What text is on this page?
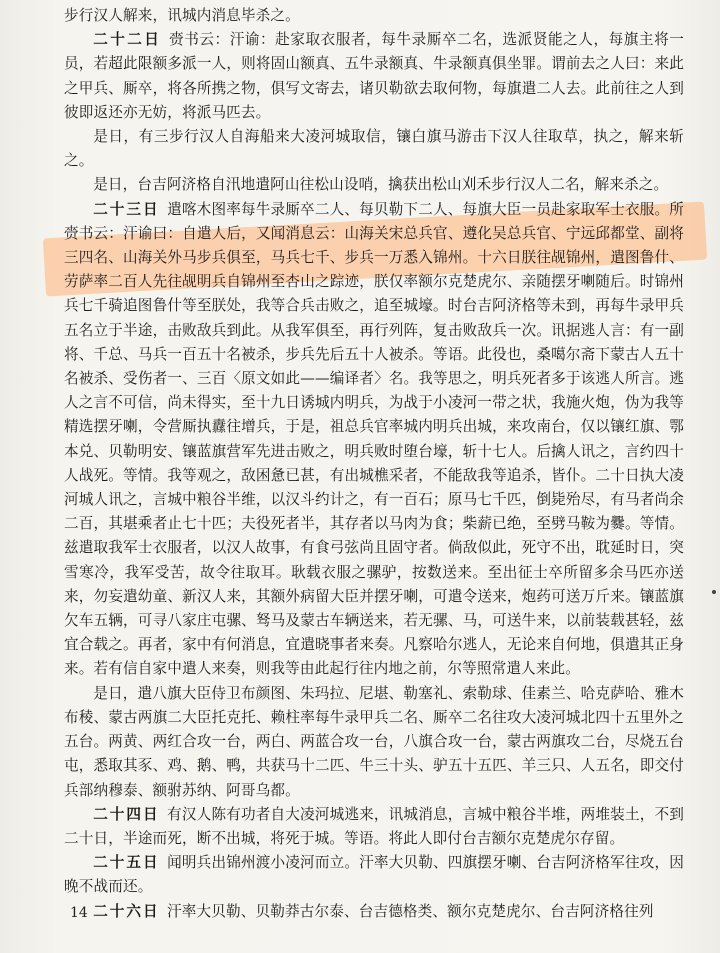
步行汉人解来，讯城内消息毕杀之。

二十二日  赍书云：汗谕：赴家取衣服者，每牛录厮卒二名，选派贤能之人，每旗主将一员，若超此限额多派一人，则将固山额真、五牛录额真、牛录额真俱坐罪。谓前去之人曰：来此之甲兵、厮卒，将各所携之物，俱写文寄去，诸贝勒欲去取何物，每旗遣二人去。此前往之人到彼即返还亦无妨，将派马匹去。

是日，有三步行汉人自海船来大凌河城取信，镶白旗马游击下汉人往取草，执之，解来斩之。

是日，台吉阿济格自汛地遣阿山往松山设哨，擒获出松山刈禾步行汉人二名，解来杀之。

二十三日  遣喀木图率每牛录厮卒二人、每贝勒下二人、每旗大臣一员赴家取军士衣服。所赍书云：汗谕曰：自遣人后，又闻消息云：山海关宋总兵官、遵化吴总兵官、宁远邱都堂、副将三四名、山海关外马步兵俱至，马兵七千、步兵一万悉入锦州。十六日朕往觇锦州，遣图鲁什、劳萨率二百人先往觇明兵自锦州至杏山之踪迹，朕仅率额尔克楚虎尔、亲随摆牙喇随后。时锦州兵七千骑追图鲁什等至朕处，我等合兵击败之，追至城壕。时台吉阿济格等未到，再每牛录甲兵五名立于半途，击败敌兵到此。从我军俱至，再行列阵，复击败敌兵一次。讯据逃人言：有一副将、千总、马兵一百五十名被杀，步兵先后五十人被杀。等语。此役也，桑噶尔斋下蒙古人五十名被杀、受伤者一、三百〈原文如此——编译者〉名。我等思之，明兵死者多于该逃人所言。逃人之言不可信，尚未得实，至十九日诱城内明兵，为战于小凌河一带之状，我施火炮，伪为我等精选摆牙喇，令营厮执纛往增兵，于是，祖总兵官率城内明兵出城，来攻南台，仅以镶红旗、鄂本兑、贝勒明安、镶蓝旗营军先进击败之，明兵败时堕台壕，斩十七人。后擒人讯之，言约四十人战死。等情。我等观之，敌困惫已甚，有出城樵采者，不能敌我等追杀，皆仆。二十日执大凌河城人讯之，言城中粮谷半维，以汉斗约计之，有一百石；原马七千匹，倒毙殆尽，有马者尚余二百，其堪乘者止七十匹；夫役死者半，其存者以马肉为食；柴薪已绝，至劈马鞍为爨。等情。兹遣取我军士衣服者，以汉人故事，有食弓弦尚且固守者。倘敌似此，死守不出，耽延时日，突雪寒冷，我军受苦，故令往取耳。耿载衣服之骡驴，按数送来。至出征士卒所留多余马匹亦送来，勿妄遣幼童、新汉人来，其额外病留大臣并摆牙喇，可遣令送来，炮药可送万斤来。镶蓝旗欠车五辆，可寻八家庄屯骡、驽马及蒙古车辆送来，若无骡、马，可送牛来，以前装载甚轻，兹宜合载之。再者，家中有何消息，宜遣晓事者来奏。凡察哈尔逃人，无论来自何地，俱遣其正身来。若有信自家中遣人来奏，则我等由此起行往内地之前，尔等照常遣人来此。

是日，遣八旗大臣侍卫布颜图、朱玛拉、尼堪、勒塞礼、索勒球、佳素兰、哈克萨哈、雅木布稜、蒙古两旗二大臣托克托、赖柱率每牛录甲兵二名、厮卒二名往攻大凌河城北四十五里外之五台。两黄、两红合攻一台，两白、两蓝合攻一台，八旗合攻一台，蒙古两旗攻二台，尽烧五台屯，悉取其豕、鸡、鹅、鸭，共获马十二匹、牛三十头、驴五十五匹、羊三只、人五名，即交付兵部纳穆泰、额驸苏纳、阿哥乌都。

二十四日  有汉人陈有功者自大凌河城逃来，讯城消息，言城中粮谷半堆，两堆装土，不到二十日，半途而死，断不出城，将死于城。等语。将此人即付台吉额尔克楚虎尔存留。

二十五日  闻明兵出锦州渡小凌河而立。汗率大贝勒、四旗摆牙喇、台吉阿济格军往攻，因晚不战而还。

二十六日  汗率大贝勒、贝勒莽古尔泰、台吉德格类、额尔克楚虎尔、台吉阿济格往列

14
